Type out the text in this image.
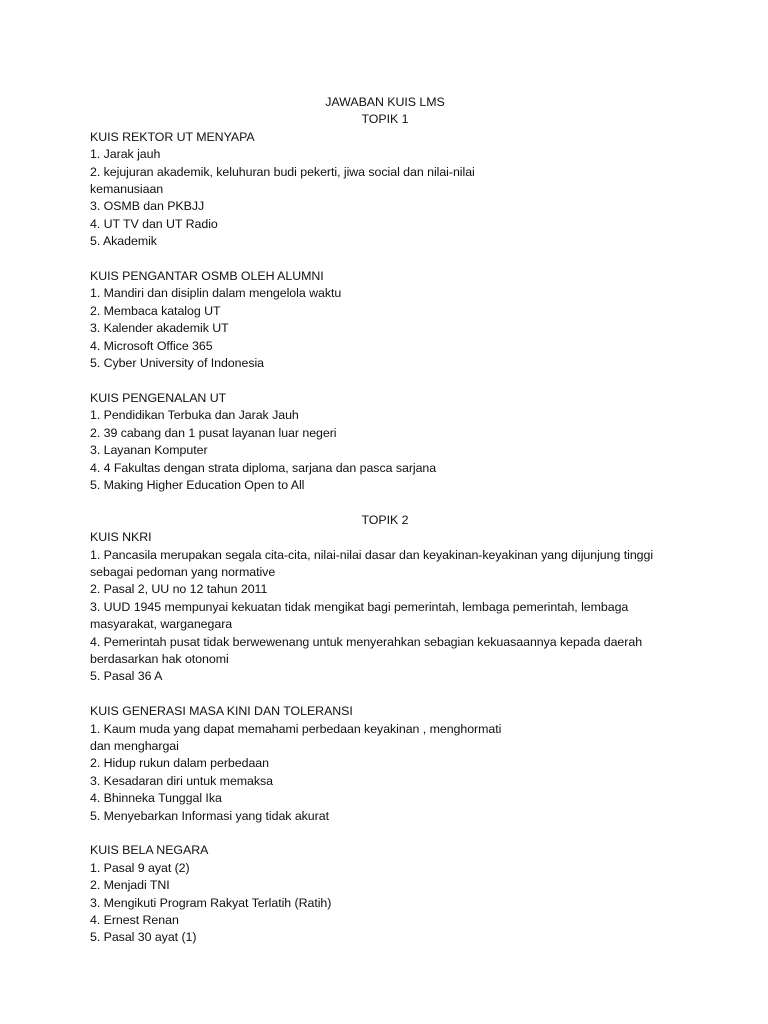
JAWABAN KUIS LMS

TOPIK 1

KUIS REKTOR UT MENYAPA

1. Jarak jauh

2. kejujuran akademik, keluhuran budi pekerti, jiwa social dan nilai-nilai

kemanusiaan

3. OSMB dan PKBJJ

4. UT TV dan UT Radio

5. Akademik

KUIS PENGANTAR OSMB OLEH ALUMNI

1. Mandiri dan disiplin dalam mengelola waktu

2. Membaca katalog UT

3. Kalender akademik UT

4. Microsoft Office 365

5. Cyber University of Indonesia

KUIS PENGENALAN UT

1. Pendidikan Terbuka dan Jarak Jauh

2. 39 cabang dan 1 pusat layanan luar negeri

3. Layanan Komputer

4. 4 Fakultas dengan strata diploma, sarjana dan pasca sarjana

5. Making Higher Education Open to All

TOPIK 2

KUIS NKRI

1. Pancasila merupakan segala cita-cita, nilai-nilai dasar dan keyakinan-keyakinan yang dijunjung tinggi

sebagai pedoman yang normative

2. Pasal 2, UU no 12 tahun 2011

3. UUD 1945 mempunyai kekuatan tidak mengikat bagi pemerintah, lembaga pemerintah, lembaga

masyarakat, warganegara

4. Pemerintah pusat tidak berwewenang untuk menyerahkan sebagian kekuasaannya kepada daerah

berdasarkan hak otonomi

5. Pasal 36 A

KUIS GENERASI MASA KINI DAN TOLERANSI

1. Kaum muda yang dapat memahami perbedaan keyakinan , menghormati

dan menghargai

2. Hidup rukun dalam perbedaan

3. Kesadaran diri untuk memaksa

4. Bhinneka Tunggal Ika

5. Menyebarkan Informasi yang tidak akurat

KUIS BELA NEGARA

1. Pasal 9 ayat (2)

2. Menjadi TNI

3. Mengikuti Program Rakyat Terlatih (Ratih)

4. Ernest Renan

5. Pasal 30 ayat (1)
